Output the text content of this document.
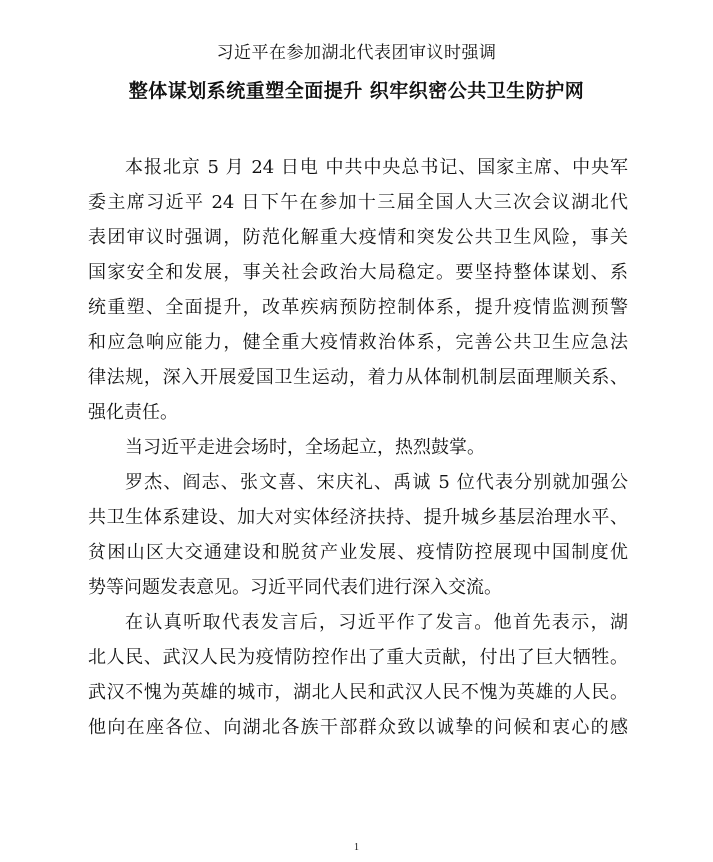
习近平在参加湖北代表团审议时强调
整体谋划系统重塑全面提升 织牢织密公共卫生防护网

本报北京 5 月 24 日电 中共中央总书记、国家主席、中央军
委主席习近平 24 日下午在参加十三届全国人大三次会议湖北代
表团审议时强调，防范化解重大疫情和突发公共卫生风险，事关
国家安全和发展，事关社会政治大局稳定。要坚持整体谋划、系
统重塑、全面提升，改革疾病预防控制体系，提升疫情监测预警
和应急响应能力，健全重大疫情救治体系，完善公共卫生应急法
律法规，深入开展爱国卫生运动，着力从体制机制层面理顺关系、
强化责任。

当习近平走进会场时，全场起立，热烈鼓掌。

罗杰、阎志、张文喜、宋庆礼、禹诚 5 位代表分别就加强公
共卫生体系建设、加大对实体经济扶持、提升城乡基层治理水平、
贫困山区大交通建设和脱贫产业发展、疫情防控展现中国制度优
势等问题发表意见。习近平同代表们进行深入交流。

在认真听取代表发言后，习近平作了发言。他首先表示，湖
北人民、武汉人民为疫情防控作出了重大贡献，付出了巨大牺牲。
武汉不愧为英雄的城市，湖北人民和武汉人民不愧为英雄的人民。
他向在座各位、向湖北各族干部群众致以诚挚的问候和衷心的感

1
